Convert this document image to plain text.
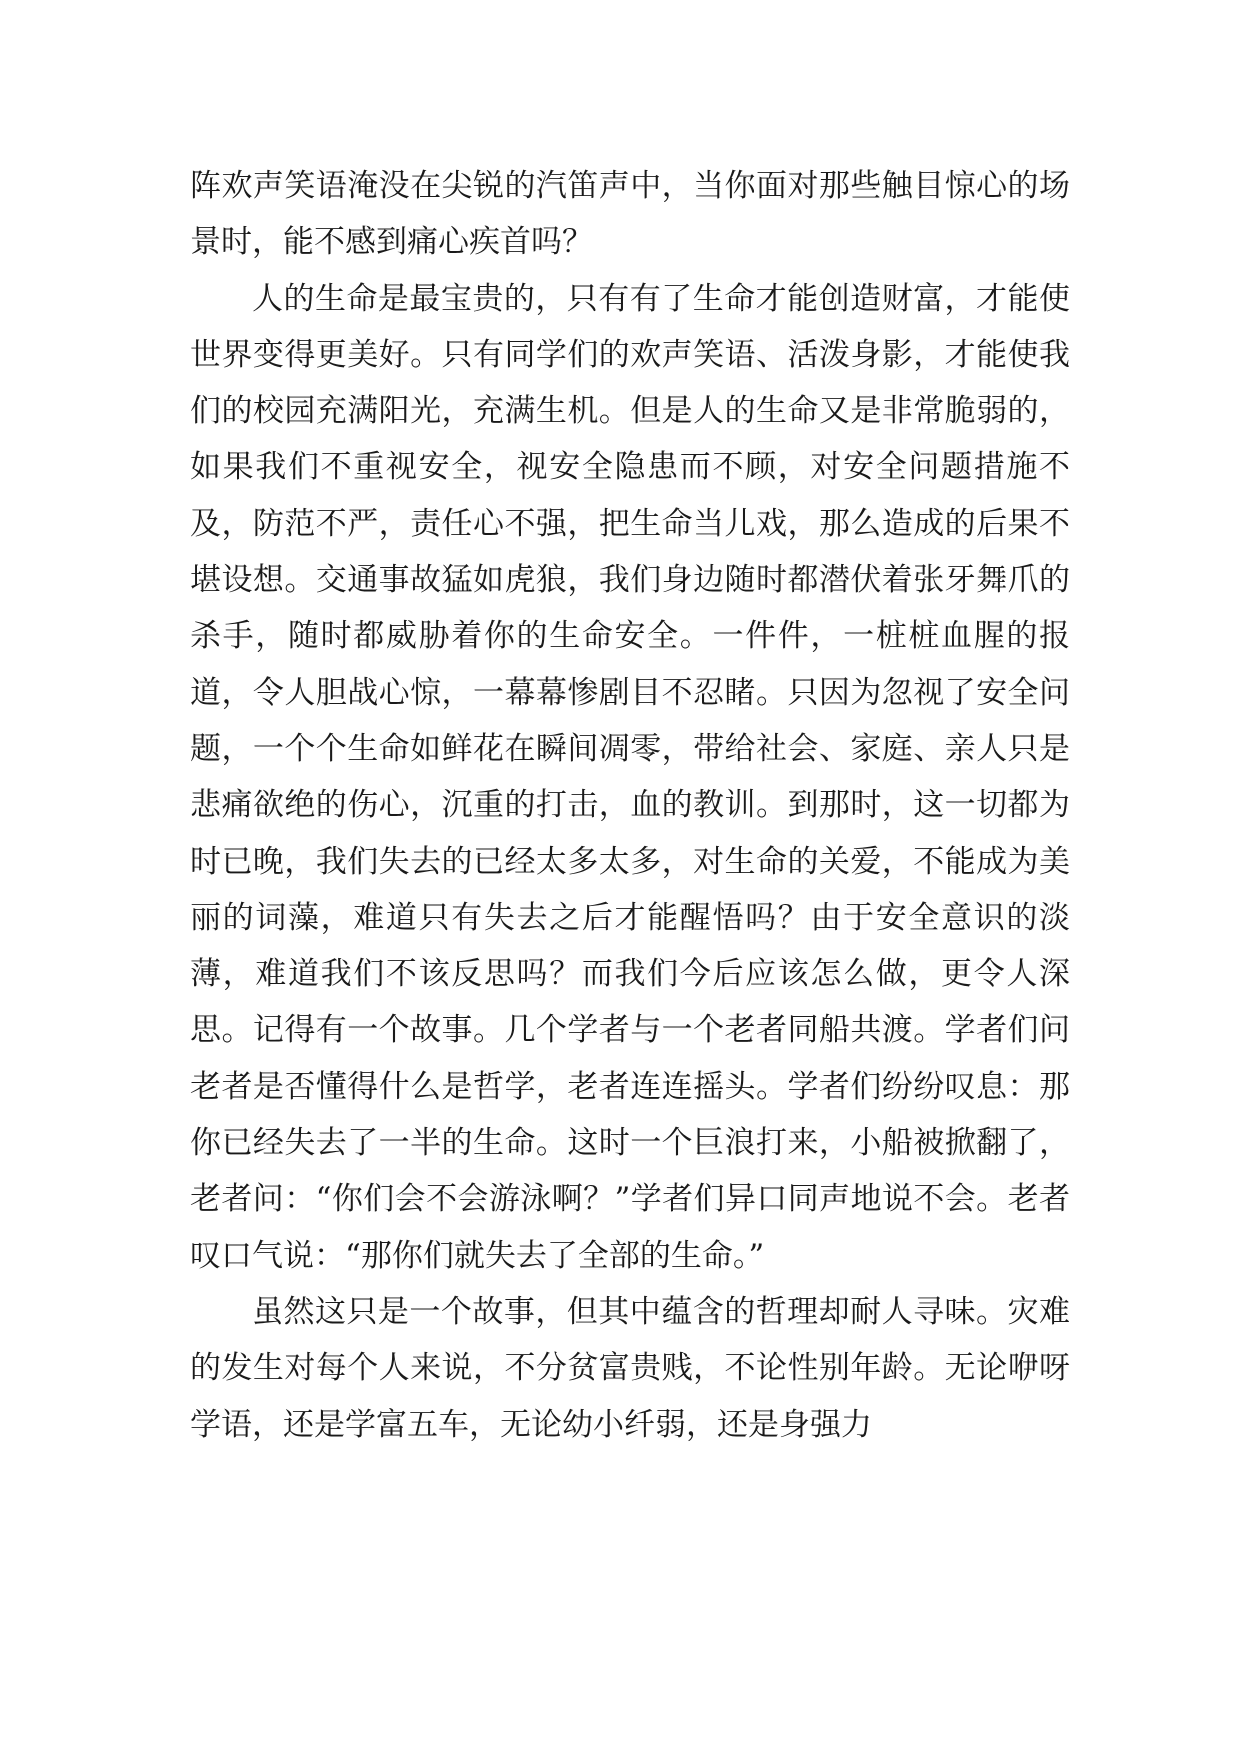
阵欢声笑语淹没在尖锐的汽笛声中，当你面对那些触目惊心的场景时，能不感到痛心疾首吗？

人的生命是最宝贵的，只有有了生命才能创造财富，才能使世界变得更美好。只有同学们的欢声笑语、活泼身影，才能使我们的校园充满阳光，充满生机。但是人的生命又是非常脆弱的，如果我们不重视安全，视安全隐患而不顾，对安全问题措施不及，防范不严，责任心不强，把生命当儿戏，那么造成的后果不堪设想。交通事故猛如虎狼，我们身边随时都潜伏着张牙舞爪的杀手，随时都威胁着你的生命安全。一件件，一桩桩血腥的报道，令人胆战心惊，一幕幕惨剧目不忍睹。只因为忽视了安全问题，一个个生命如鲜花在瞬间凋零，带给社会、家庭、亲人只是悲痛欲绝的伤心，沉重的打击，血的教训。到那时，这一切都为时已晚，我们失去的已经太多太多，对生命的关爱，不能成为美丽的词藻，难道只有失去之后才能醒悟吗？由于安全意识的淡薄，难道我们不该反思吗？而我们今后应该怎么做，更令人深思。记得有一个故事。几个学者与一个老者同船共渡。学者们问老者是否懂得什么是哲学，老者连连摇头。学者们纷纷叹息：那你已经失去了一半的生命。这时一个巨浪打来，小船被掀翻了，老者问：“你们会不会游泳啊？”学者们异口同声地说不会。老者叹口气说：“那你们就失去了全部的生命。”

虽然这只是一个故事，但其中蕴含的哲理却耐人寻味。灾难的发生对每个人来说，不分贫富贵贱，不论性别年龄。无论咿呀学语，还是学富五车，无论幼小纤弱，还是身强力
